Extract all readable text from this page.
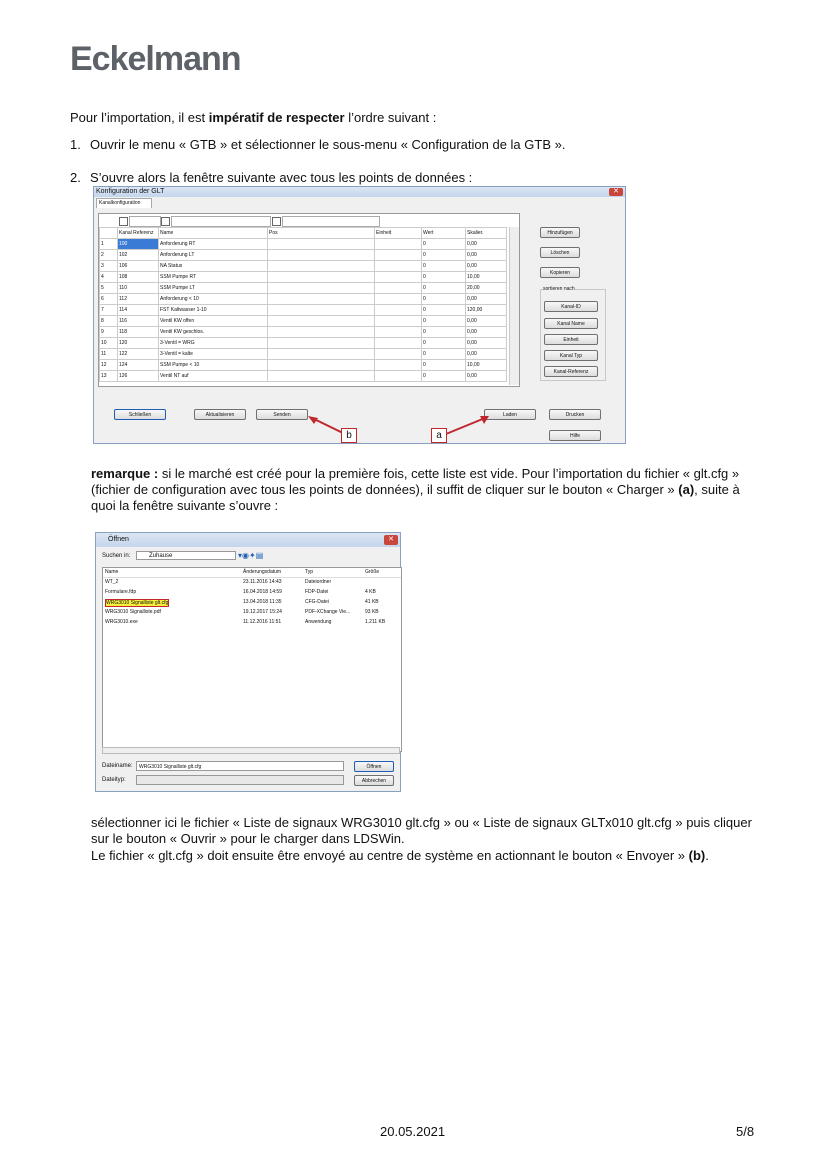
Eckelmann
Pour l’importation, il est impératif de respecter l’ordre suivant :
1. Ouvrir le menu « GTB » et sélectionner le sous-menu « Configuration de la GTB ».
2. S’ouvre alors la fenêtre suivante avec tous les points de données :
Konfiguration der GLT	✕
Kanalkonfiguration
	Kanal Referenz	Name	Pos	Einheit	Wert	Skalier.
1	100	Anforderung RT			0	0,00
2	102	Anforderung LT			0	0,00
3	106	NA Status			0	0,00
4	108	SSM Pumpe RT			0	10,00
5	110	SSM Pumpe LT			0	20,00
6	112	Anforderung < 10			0	0,00
7	114	FST Kaltwasser 1-10			0	120,00
8	116	Ventil KW offen			0	0,00
9	118	Ventil KW geschlos.			0	0,00
10	120	3-Ventil = WRG			0	0,00
11	122	3-Ventil = kalte			0	0,00
12	124	SSM Pumpe < 10			0	10,00
13	126	Ventil NT auf			0	0,00
Hinzufügen
Löschen
Kopieren
sortieren nach
Kanal-ID
Kanal Name
Einheit
Kanal Typ
Kanal-Referenz
Schließen	Aktualisieren	Senden	Laden	Drucken
Hilfe
b	a
remarque : si le marché est créé pour la première fois, cette liste est vide. Pour l’importation du fichier « glt.cfg » (fichier de configuration avec tous les points de données), il suffit de cliquer sur le bouton « Charger » (a), suite à quoi la fenêtre suivante s’ouvre :
Öffnen	✕
Suchen in:	Zuhause	▾◉✦▤
Name	Änderungsdatum	Typ	Größe
WT_2	23.11.2016 14:43	Dateiordner
Formulare.fdp	16.04.2018 14:59	FDP-Datei	4 KB
WRG3010 Signalliste glt.cfg	13.04.2018 11:35	CFG-Datei	41 KB
WRG3010 Signalliste.pdf	19.12.2017 15:24	PDF-XChange Vie...	93 KB
WRG3010.exe	11.12.2016 11:51	Anwendung	1.211 KB
Dateiname:	WRG3010 Signalliste glt.cfg
Dateityp:
Öffnen
Abbrechen
sélectionner ici le fichier « Liste de signaux WRG3010 glt.cfg » ou « Liste de signaux GLTx010 glt.cfg » puis cliquer sur le bouton « Ouvrir » pour le charger dans LDSWin.
Le fichier « glt.cfg » doit ensuite être envoyé au centre de système en actionnant le bouton « Envoyer » (b).
20.05.2021	5/8
